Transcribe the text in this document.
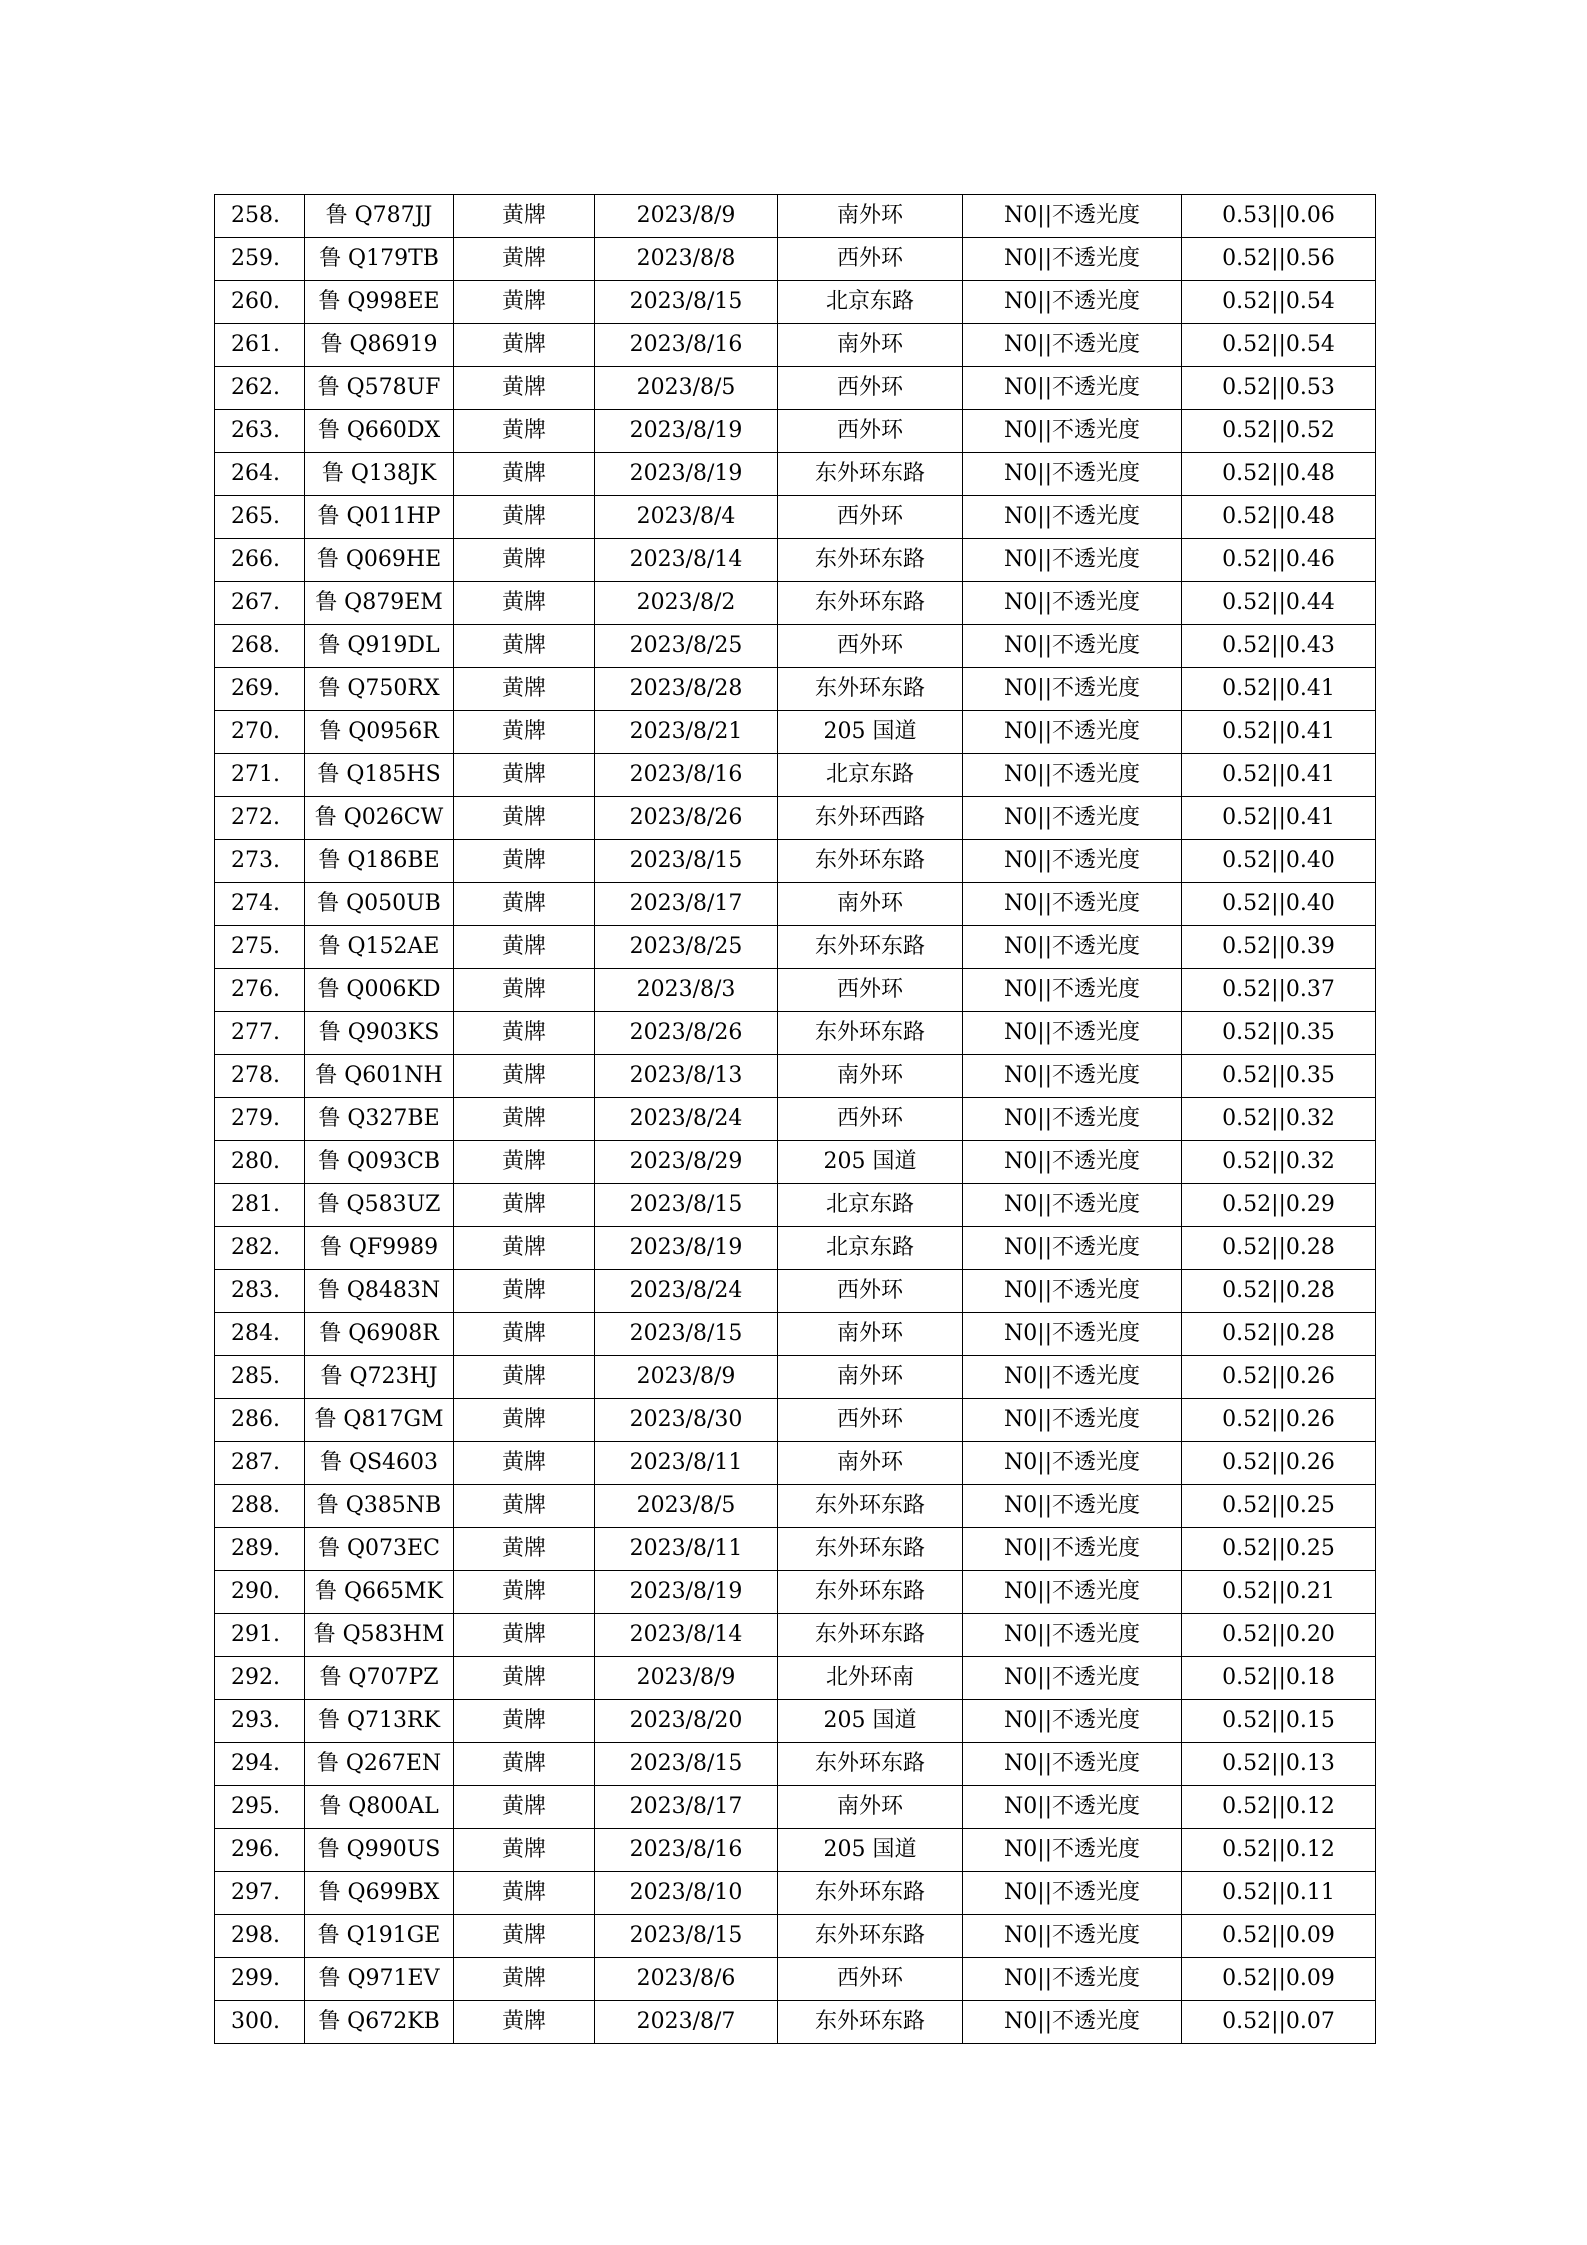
258.	鲁 Q787JJ	黄牌	2023/8/9	南外环	N0||不透光度	0.53||0.06
259.	鲁 Q179TB	黄牌	2023/8/8	西外环	N0||不透光度	0.52||0.56
260.	鲁 Q998EE	黄牌	2023/8/15	北京东路	N0||不透光度	0.52||0.54
261.	鲁 Q86919	黄牌	2023/8/16	南外环	N0||不透光度	0.52||0.54
262.	鲁 Q578UF	黄牌	2023/8/5	西外环	N0||不透光度	0.52||0.53
263.	鲁 Q660DX	黄牌	2023/8/19	西外环	N0||不透光度	0.52||0.52
264.	鲁 Q138JK	黄牌	2023/8/19	东外环东路	N0||不透光度	0.52||0.48
265.	鲁 Q011HP	黄牌	2023/8/4	西外环	N0||不透光度	0.52||0.48
266.	鲁 Q069HE	黄牌	2023/8/14	东外环东路	N0||不透光度	0.52||0.46
267.	鲁 Q879EM	黄牌	2023/8/2	东外环东路	N0||不透光度	0.52||0.44
268.	鲁 Q919DL	黄牌	2023/8/25	西外环	N0||不透光度	0.52||0.43
269.	鲁 Q750RX	黄牌	2023/8/28	东外环东路	N0||不透光度	0.52||0.41
270.	鲁 Q0956R	黄牌	2023/8/21	205 国道	N0||不透光度	0.52||0.41
271.	鲁 Q185HS	黄牌	2023/8/16	北京东路	N0||不透光度	0.52||0.41
272.	鲁 Q026CW	黄牌	2023/8/26	东外环西路	N0||不透光度	0.52||0.41
273.	鲁 Q186BE	黄牌	2023/8/15	东外环东路	N0||不透光度	0.52||0.40
274.	鲁 Q050UB	黄牌	2023/8/17	南外环	N0||不透光度	0.52||0.40
275.	鲁 Q152AE	黄牌	2023/8/25	东外环东路	N0||不透光度	0.52||0.39
276.	鲁 Q006KD	黄牌	2023/8/3	西外环	N0||不透光度	0.52||0.37
277.	鲁 Q903KS	黄牌	2023/8/26	东外环东路	N0||不透光度	0.52||0.35
278.	鲁 Q601NH	黄牌	2023/8/13	南外环	N0||不透光度	0.52||0.35
279.	鲁 Q327BE	黄牌	2023/8/24	西外环	N0||不透光度	0.52||0.32
280.	鲁 Q093CB	黄牌	2023/8/29	205 国道	N0||不透光度	0.52||0.32
281.	鲁 Q583UZ	黄牌	2023/8/15	北京东路	N0||不透光度	0.52||0.29
282.	鲁 QF9989	黄牌	2023/8/19	北京东路	N0||不透光度	0.52||0.28
283.	鲁 Q8483N	黄牌	2023/8/24	西外环	N0||不透光度	0.52||0.28
284.	鲁 Q6908R	黄牌	2023/8/15	南外环	N0||不透光度	0.52||0.28
285.	鲁 Q723HJ	黄牌	2023/8/9	南外环	N0||不透光度	0.52||0.26
286.	鲁 Q817GM	黄牌	2023/8/30	西外环	N0||不透光度	0.52||0.26
287.	鲁 QS4603	黄牌	2023/8/11	南外环	N0||不透光度	0.52||0.26
288.	鲁 Q385NB	黄牌	2023/8/5	东外环东路	N0||不透光度	0.52||0.25
289.	鲁 Q073EC	黄牌	2023/8/11	东外环东路	N0||不透光度	0.52||0.25
290.	鲁 Q665MK	黄牌	2023/8/19	东外环东路	N0||不透光度	0.52||0.21
291.	鲁 Q583HM	黄牌	2023/8/14	东外环东路	N0||不透光度	0.52||0.20
292.	鲁 Q707PZ	黄牌	2023/8/9	北外环南	N0||不透光度	0.52||0.18
293.	鲁 Q713RK	黄牌	2023/8/20	205 国道	N0||不透光度	0.52||0.15
294.	鲁 Q267EN	黄牌	2023/8/15	东外环东路	N0||不透光度	0.52||0.13
295.	鲁 Q800AL	黄牌	2023/8/17	南外环	N0||不透光度	0.52||0.12
296.	鲁 Q990US	黄牌	2023/8/16	205 国道	N0||不透光度	0.52||0.12
297.	鲁 Q699BX	黄牌	2023/8/10	东外环东路	N0||不透光度	0.52||0.11
298.	鲁 Q191GE	黄牌	2023/8/15	东外环东路	N0||不透光度	0.52||0.09
299.	鲁 Q971EV	黄牌	2023/8/6	西外环	N0||不透光度	0.52||0.09
300.	鲁 Q672KB	黄牌	2023/8/7	东外环东路	N0||不透光度	0.52||0.07
